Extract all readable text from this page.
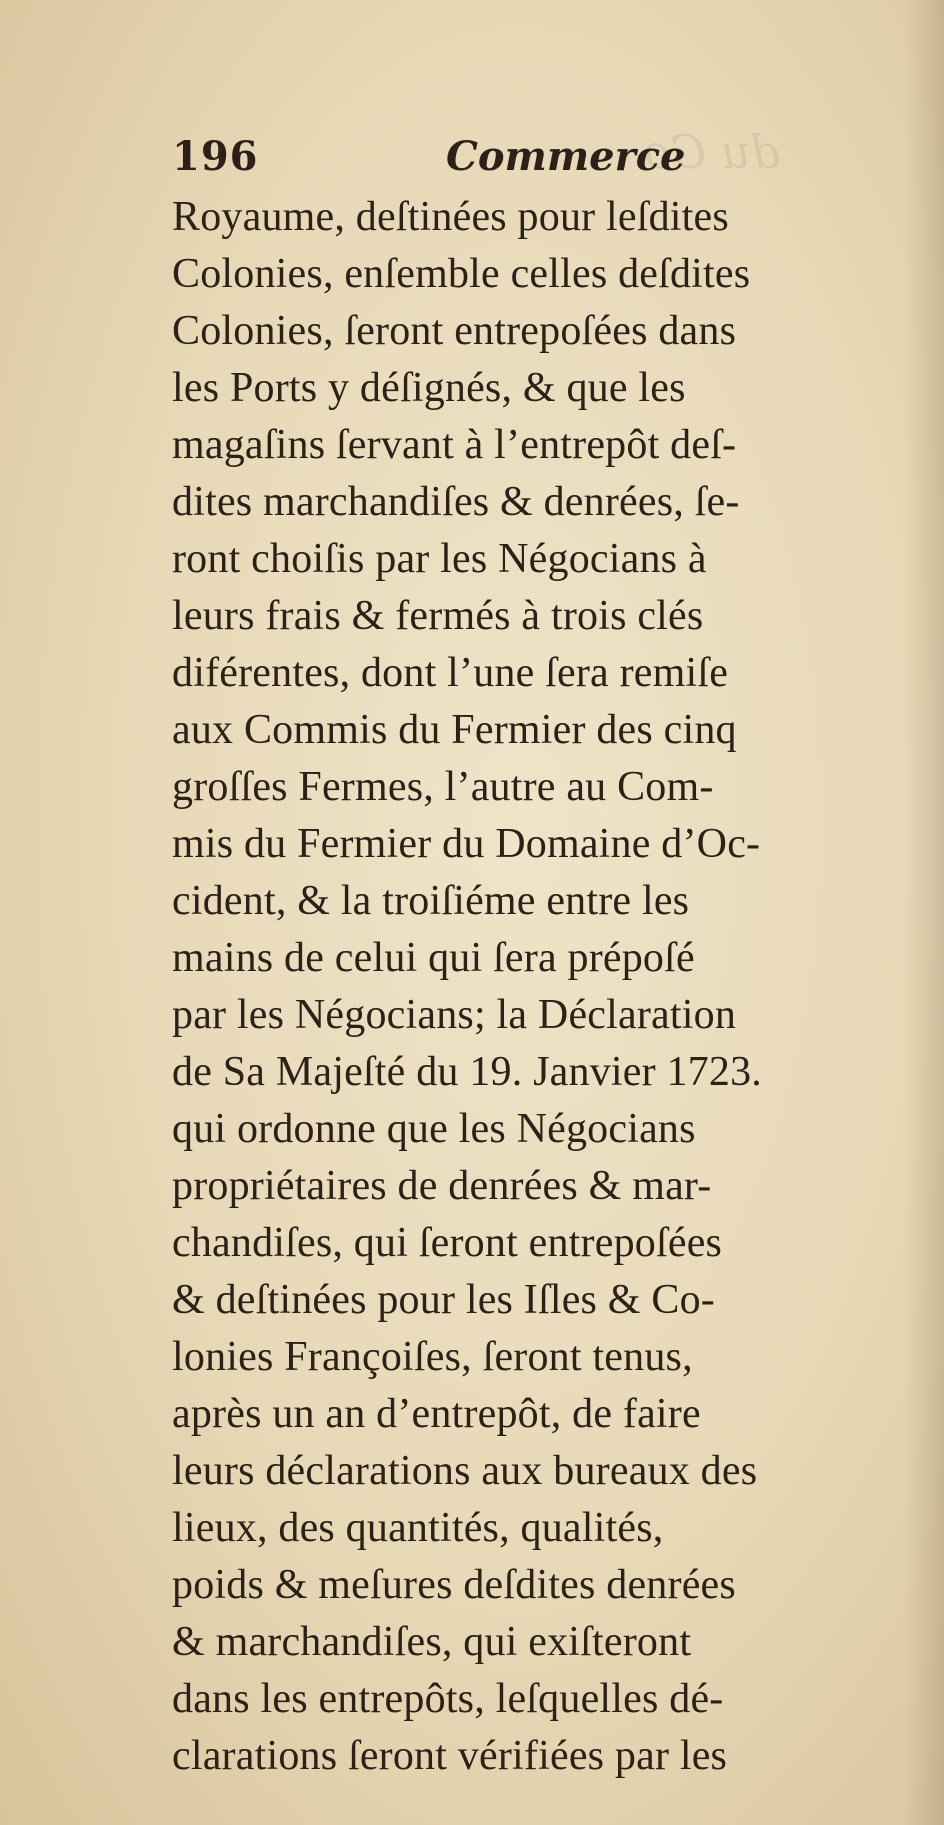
du Co
196	Commerce
Royaume, deſtinées pour leſdites
Colonies, enſemble celles deſdites
Colonies, ſeront entrepoſées dans
les Ports y déſignés, & que les
magaſins ſervant à l’entrepôt deſ-
dites marchandiſes & denrées, ſe-
ront choiſis par les Négocians à
leurs frais & fermés à trois clés
diférentes, dont l’une ſera remiſe
aux Commis du Fermier des cinq
groſſes Fermes, l’autre au Com-
mis du Fermier du Domaine d’Oc-
cident, & la troiſiéme entre les
mains de celui qui ſera prépoſé
par les Négocians; la Déclaration
de Sa Majeſté du 19. Janvier 1723.
qui ordonne que les Négocians
propriétaires de denrées & mar-
chandiſes, qui ſeront entrepoſées
& deſtinées pour les Iſles & Co-
lonies Françoiſes, ſeront tenus,
après un an d’entrepôt, de faire
leurs déclarations aux bureaux des
lieux, des quantités, qualités,
poids & meſures deſdites denrées
& marchandiſes, qui exiſteront
dans les entrepôts, leſquelles dé-
clarations ſeront vérifiées par les
